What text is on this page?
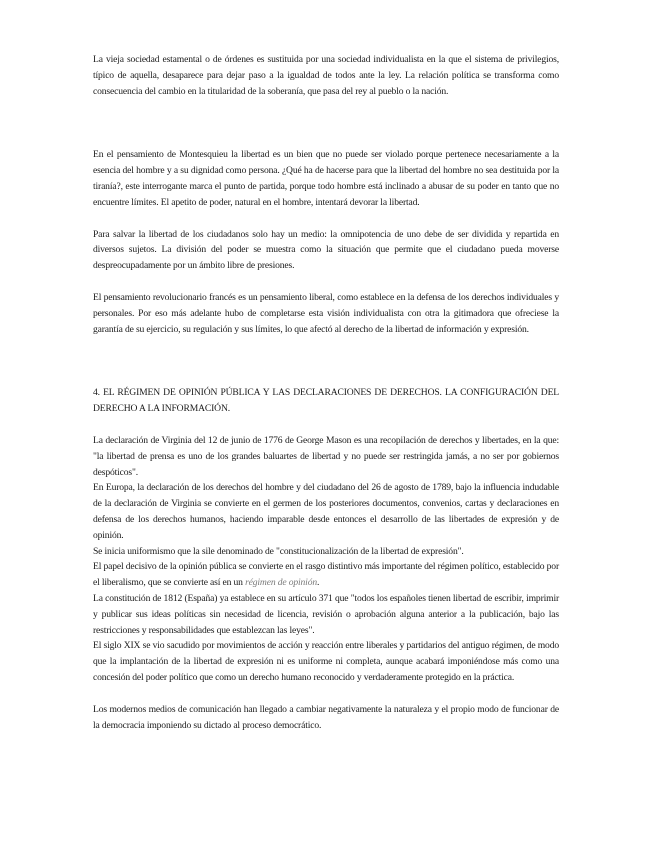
La vieja sociedad estamental o de órdenes es sustituida por una sociedad individualista en la que el sistema de privilegios, típico de aquella, desaparece para dejar paso a la igualdad de todos ante la ley. La relación política se transforma como consecuencia del cambio en la titularidad de la soberanía, que pasa del rey al pueblo o la nación.

En el pensamiento de Montesquieu la libertad es un bien que no puede ser violado porque pertenece necesariamente a la esencia del hombre y a su dignidad como persona. ¿Qué ha de hacerse para que la libertad del hombre no sea destituida por la tiranía?, este interrogante marca el punto de partida, porque todo hombre está inclinado a abusar de su poder en tanto que no encuentre límites. El apetito de poder, natural en el hombre, intentará devorar la libertad.

Para salvar la libertad de los ciudadanos solo hay un medio: la omnipotencia de uno debe de ser dividida y repartida en diversos sujetos. La división del poder se muestra como la situación que permite que el ciudadano pueda moverse despreocupadamente por un ámbito libre de presiones.

El pensamiento revolucionario francés es un pensamiento liberal, como establece en la defensa de los derechos individuales y personales. Por eso más adelante hubo de completarse esta visión individualista con otra la gitimadora que ofreciese la garantía de su ejercicio, su regulación y sus límites, lo que afectó al derecho de la libertad de información y expresión.

4. EL RÉGIMEN DE OPINIÓN PÚBLICA Y LAS DECLARACIONES DE DERECHOS. LA CONFIGURACIÓN DEL DERECHO A LA INFORMACIÓN.

La declaración de Virginia del 12 de junio de 1776 de George Mason es una recopilación de derechos y libertades, en la que: "la libertad de prensa es uno de los grandes baluartes de libertad y no puede ser restringida jamás, a no ser por gobiernos despóticos".

En Europa, la declaración de los derechos del hombre y del ciudadano del 26 de agosto de 1789, bajo la influencia indudable de la declaración de Virginia se convierte en el germen de los posteriores documentos, convenios, cartas y declaraciones en defensa de los derechos humanos, haciendo imparable desde entonces el desarrollo de las libertades de expresión y de opinión.

Se inicia uniformismo que la sile denominado de "constitucionalización de la libertad de expresión".

El papel decisivo de la opinión pública se convierte en el rasgo distintivo más importante del régimen político, establecido por el liberalismo, que se convierte así en un régimen de opinión.

La constitución de 1812 (España) ya establece en su artículo 371 que "todos los españoles tienen libertad de escribir, imprimir y publicar sus ideas políticas sin necesidad de licencia, revisión o aprobación alguna anterior a la publicación, bajo las restricciones y responsabilidades que establezcan las leyes".

El siglo XIX se vio sacudido por movimientos de acción y reacción entre liberales y partidarios del antiguo régimen, de modo que la implantación de la libertad de expresión ni es uniforme ni completa, aunque acabará imponiéndose más como una concesión del poder político que como un derecho humano reconocido y verdaderamente protegido en la práctica.

Los modernos medios de comunicación han llegado a cambiar negativamente la naturaleza y el propio modo de funcionar de la democracia imponiendo su dictado al proceso democrático.
